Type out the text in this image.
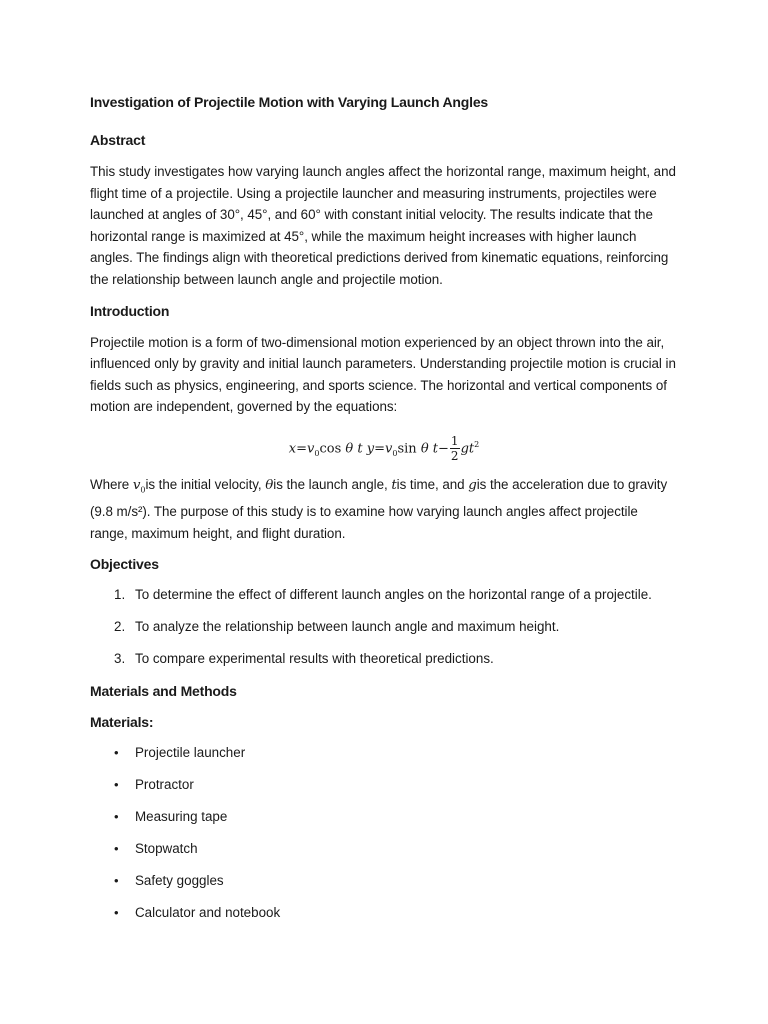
Investigation of Projectile Motion with Varying Launch Angles
Abstract

This study investigates how varying launch angles affect the horizontal range, maximum height, and flight time of a projectile. Using a projectile launcher and measuring instruments, projectiles were launched at angles of 30°, 45°, and 60° with constant initial velocity. The results indicate that the horizontal range is maximized at 45°, while the maximum height increases with higher launch angles. The findings align with theoretical predictions derived from kinematic equations, reinforcing the relationship between launch angle and projectile motion.

Introduction

Projectile motion is a form of two-dimensional motion experienced by an object thrown into the air, influenced only by gravity and initial launch parameters. Understanding projectile motion is crucial in fields such as physics, engineering, and sports science. The horizontal and vertical components of motion are independent, governed by the equations:

$x=v_0\cos$ θ t $y=v_0\sin$ θ $t- \frac{1}{2} gt^2$

Where $v_0is$ the initial velocity, θis the launch angle, tis time, and gis the acceleration due to gravity (9.8 m/s²). The purpose of this study is to examine how varying launch angles affect projectile range, maximum height, and flight duration.

Objectives
1. To determine the effect of different launch angles on the horizontal range of a projectile.
2. To analyze the relationship between launch angle and maximum height.
3. To compare experimental results with theoretical predictions.
Materials and Methods
Materials:
• Projectile launcher
• Protractor
• Measuring tape
• Stopwatch
• Safety goggles
• Calculator and notebook
